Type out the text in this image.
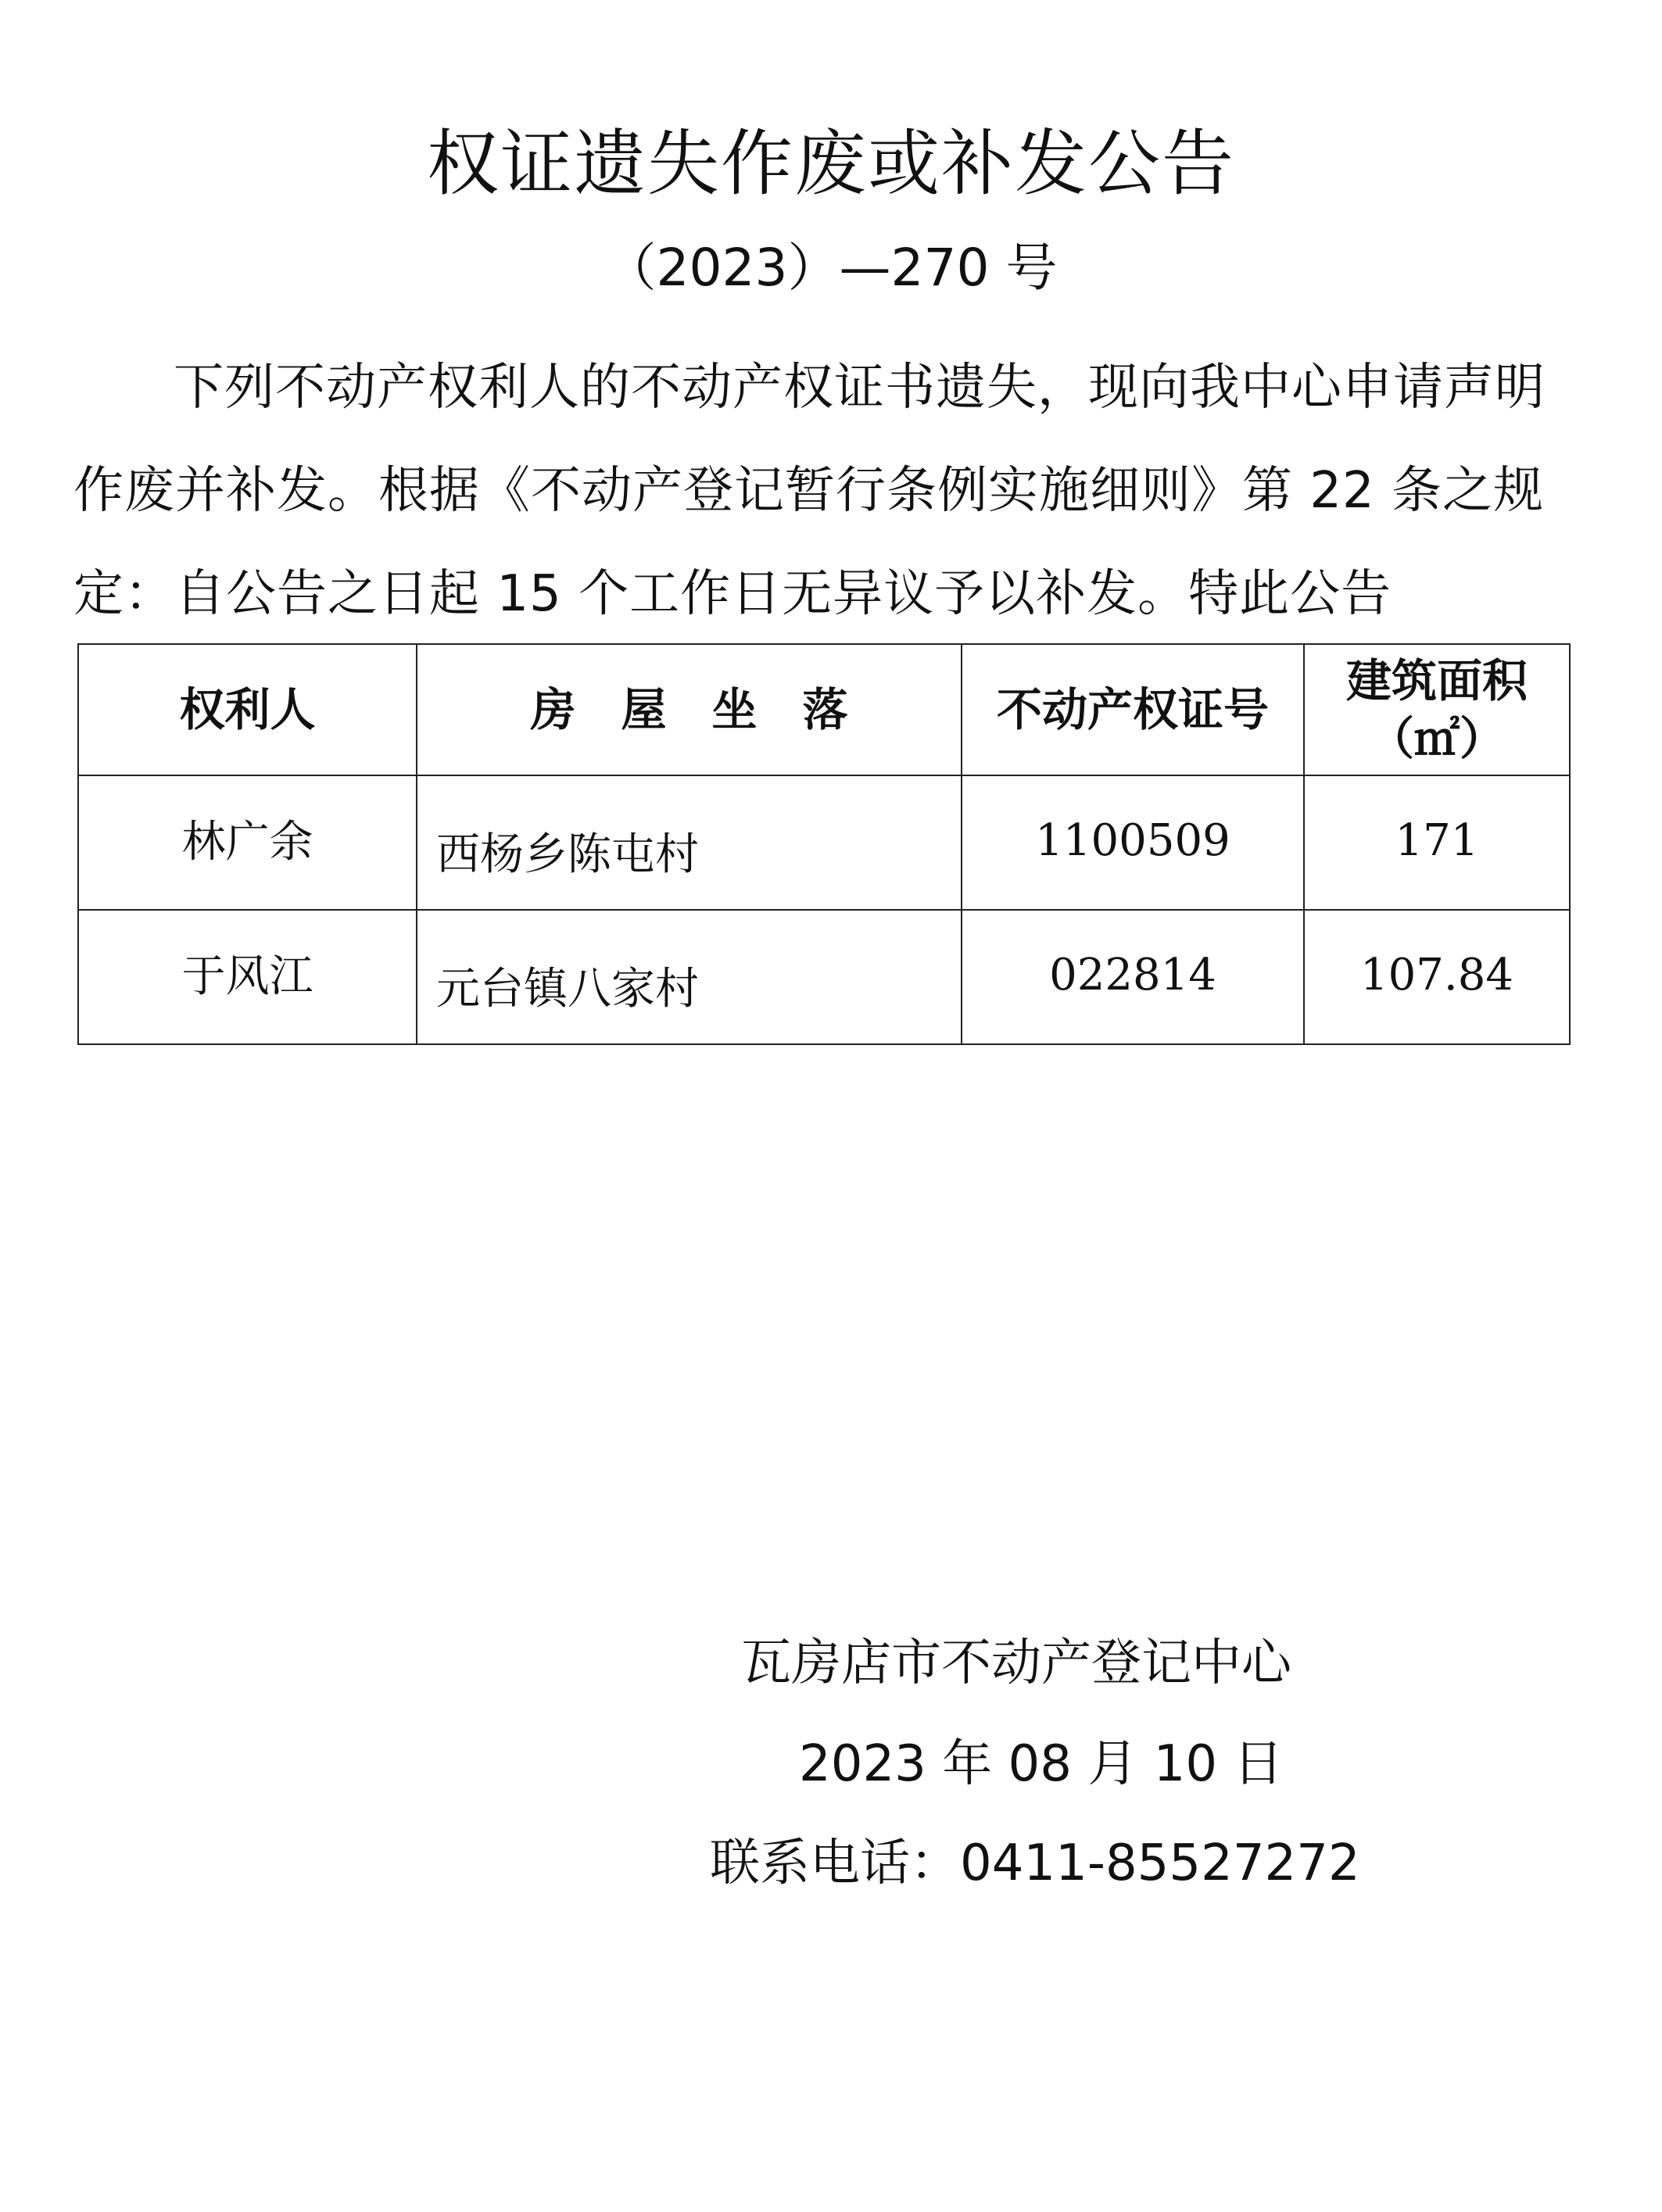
权证遗失作废或补发公告
（2023）—270 号
下列不动产权利人的不动产权证书遗失，现向我中心申请声明作废并补发。根据《不动产登记暂行条例实施细则》第 22 条之规定：自公告之日起 15 个工作日无异议予以补发。特此公告
权利人	房　屋　坐　落	不动产权证号	建筑面积
（㎡）

林广余	西杨乡陈屯村	1100509	171
于风江	元台镇八家村	022814	107.84
瓦房店市不动产登记中心
2023 年 08 月 10 日
联系电话：0411-85527272
